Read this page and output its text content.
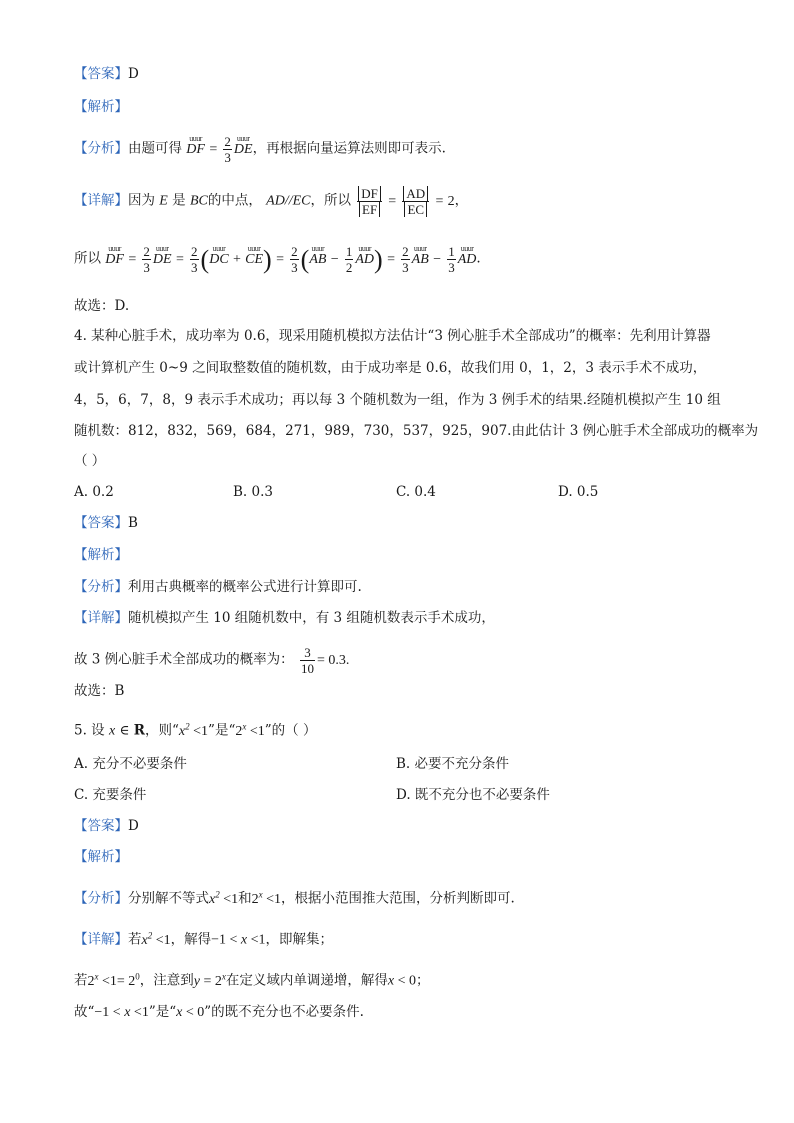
【答案】D
【解析】
【分析】由题可得 uuur DF = $\frac{2}{3}$ uuur DE，再根据向量运算法则即可表示.
【详解】因为 E 是 BC的中点， AD//EC，所以 $\frac{DF}{EF} = \frac{AD}{EC} = 2$，
所以 uuur DF = $\frac{2}{3}$ uuur DE = $\frac{2}{3}$ (uuur DC + uuur $CE) = \frac{2}{3}$ (uuur AB − $\frac{1}{2}$ uuur $AD) = \frac{2}{3}$ uuur AB − $\frac{1}{3}$ uuur AD.
故选：D.
4. 某种心脏手术，成功率为 0.6，现采用随机模拟方法估计“3 例心脏手术全部成功”的概率：先利用计算器
或计算机产生 0~9 之间取整数值的随机数，由于成功率是 0.6，故我们用 0，1，2，3 表示手术不成功，
4，5，6，7，8，9 表示手术成功；再以每 3 个随机数为一组，作为 3 例手术的结果.经随机模拟产生 10 组
随机数：812，832，569，684，271，989，730，537，925，907.由此估计 3 例心脏手术全部成功的概率为
（ ）
A. 0.2	B. 0.3	C. 0.4	D. 0.5
【答案】B
【解析】
【分析】利用古典概率的概率公式进行计算即可.
【详解】随机模拟产生 10 组随机数中，有 3 组随机数表示手术成功，
故 3 例心脏手术全部成功的概率为： $\frac{3}{10} = 0.3$.
故选：B
5. 设 x ∈ R，则“$x^2 <1$”是“$2^x <1$”的（ ）
A. 充分不必要条件	B. 必要不充分条件
C. 充要条件	D. 既不充分也不必要条件
【答案】D
【解析】
【分析】分别解不等式$x^2 <1$和$2^x <1$，根据小范围推大范围，分析判断即可.
【详解】若$x^2 <1$，解得−1 < x <1，即解集；
若$2^x <1= 2^0$，注意到$y = 2^x$在定义域内单调递增，解得x < 0；
故“−1 < x <1”是“x < 0”的既不充分也不必要条件.
